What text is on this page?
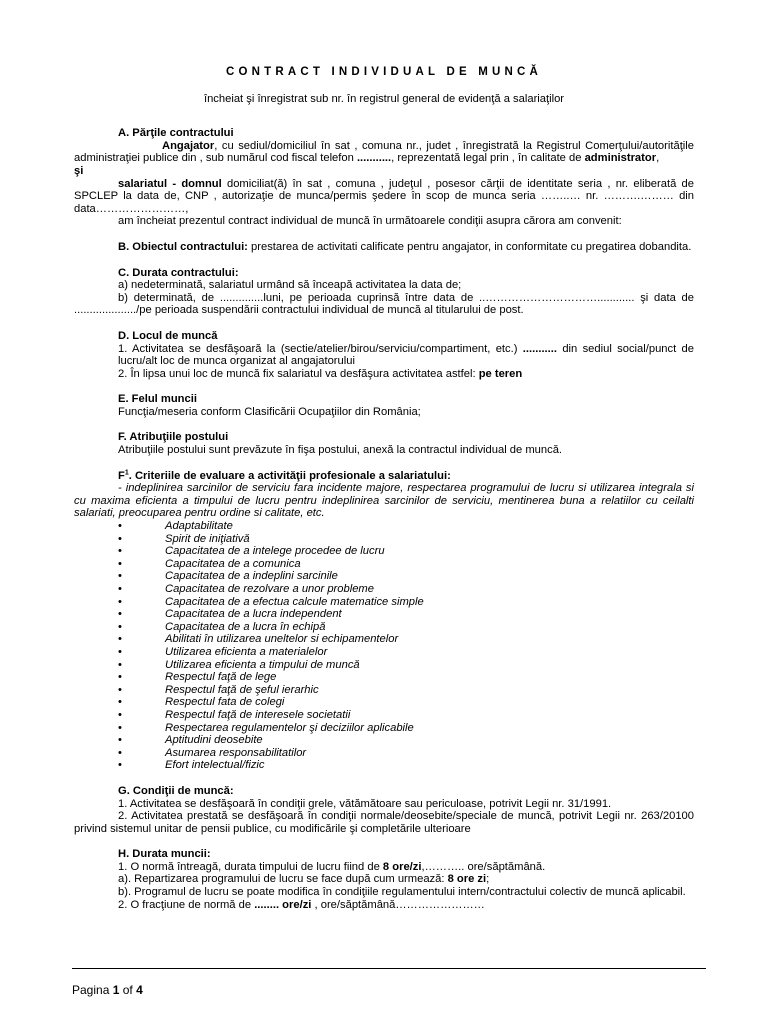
CONTRACT INDIVIDUAL DE MUNCĂ
încheiat şi înregistrat sub nr. în registrul general de evidenţă a salariaţilor
A. Părţile contractului
Angajator, cu sediul/domiciliul în sat , comuna nr., judet , înregistrată la Registrul Comerţului/autorităţile administraţiei publice din , sub numărul cod fiscal telefon ..........., reprezentată legal prin , în calitate de administrator,
şi
salariatul - domnul domiciliat(ă) în sat , comuna , judeţul , posesor cărţii de identitate seria , nr. eliberată de SPCLEP la data de, CNP , autorizaţie de munca/permis şedere în scop de munca seria ……..… nr. ……….……… din data……………………,
am încheiat prezentul contract individual de muncă în următoarele condiţii asupra cărora am convenit:
B. Obiectul contractului: prestarea de activitati calificate pentru angajator, in conformitate cu pregatirea dobandita.
C. Durata contractului:
a) nedeterminată, salariatul urmând să înceapă activitatea la data de;
b) determinată, de ..............luni, pe perioada cuprinsă între data de ..…………………………............ şi data de ..................../pe perioada suspendării contractului individual de muncă al titularului de post.
D. Locul de muncă
1. Activitatea se desfăşoară la (sectie/atelier/birou/serviciu/compartiment, etc.) ........... din sediul social/punct de lucru/alt loc de munca organizat al angajatorului
2. În lipsa unui loc de muncă fix salariatul va desfăşura activitatea astfel: pe teren
E. Felul muncii
Funcţia/meseria conform Clasificării Ocupaţiilor din România;
F. Atribuţiile postului
Atribuţiile postului sunt prevăzute în fişa postului, anexă la contractul individual de muncă.
$F^1$. Criteriile de evaluare a activităţii profesionale a salariatului:
- indeplinirea sarcinilor de serviciu fara incidente majore, respectarea programului de lucru si utilizarea integrala si cu maxima eficienta a timpului de lucru pentru indeplinirea sarcinilor de serviciu, mentinerea buna a relatiilor cu ceilalti salariati, preocuparea pentru ordine si calitate, etc.
•	Adaptabilitate
•	Spirit de iniţiativă
•	Capacitatea de a intelege procedee de lucru
•	Capacitatea de a comunica
•	Capacitatea de a indeplini sarcinile
•	Capacitatea de rezolvare a unor probleme
•	Capacitatea de a efectua calcule matematice simple
•	Capacitatea de a lucra independent
•	Capacitatea de a lucra în echipă
•	Abilitati în utilizarea uneltelor si echipamentelor
•	Utilizarea eficienta a materialelor
•	Utilizarea eficienta a timpului de muncă
•	Respectul faţă de lege
•	Respectul faţă de şeful ierarhic
•	Respectul fata de colegi
•	Respectul faţă de interesele societatii
•	Respectarea regulamentelor şi deciziilor aplicabile
•	Aptitudini deosebite
•	Asumarea responsabilitatilor
•	Efort intelectual/fizic
G. Condiţii de muncă:
1. Activitatea se desfăşoară în condiţii grele, vătămătoare sau periculoase, potrivit Legii nr. 31/1991.
2. Activitatea prestată se desfăşoară în condiţii normale/deosebite/speciale de muncă, potrivit Legii nr. 263/20100 privind sistemul unitar de pensii publice, cu modificările şi completările ulterioare
H. Durata muncii:
1. O normă întreagă, durata timpului de lucru fiind de 8 ore/zi,……….. ore/săptămână.
a). Repartizarea programului de lucru se face după cum urmează: 8 ore zi;
b). Programul de lucru se poate modifica în condiţiile regulamentului intern/contractului colectiv de muncă aplicabil.
2. O fracţiune de normă de ........ ore/zi , ore/săptămână……………………
Pagina 1 of 4
